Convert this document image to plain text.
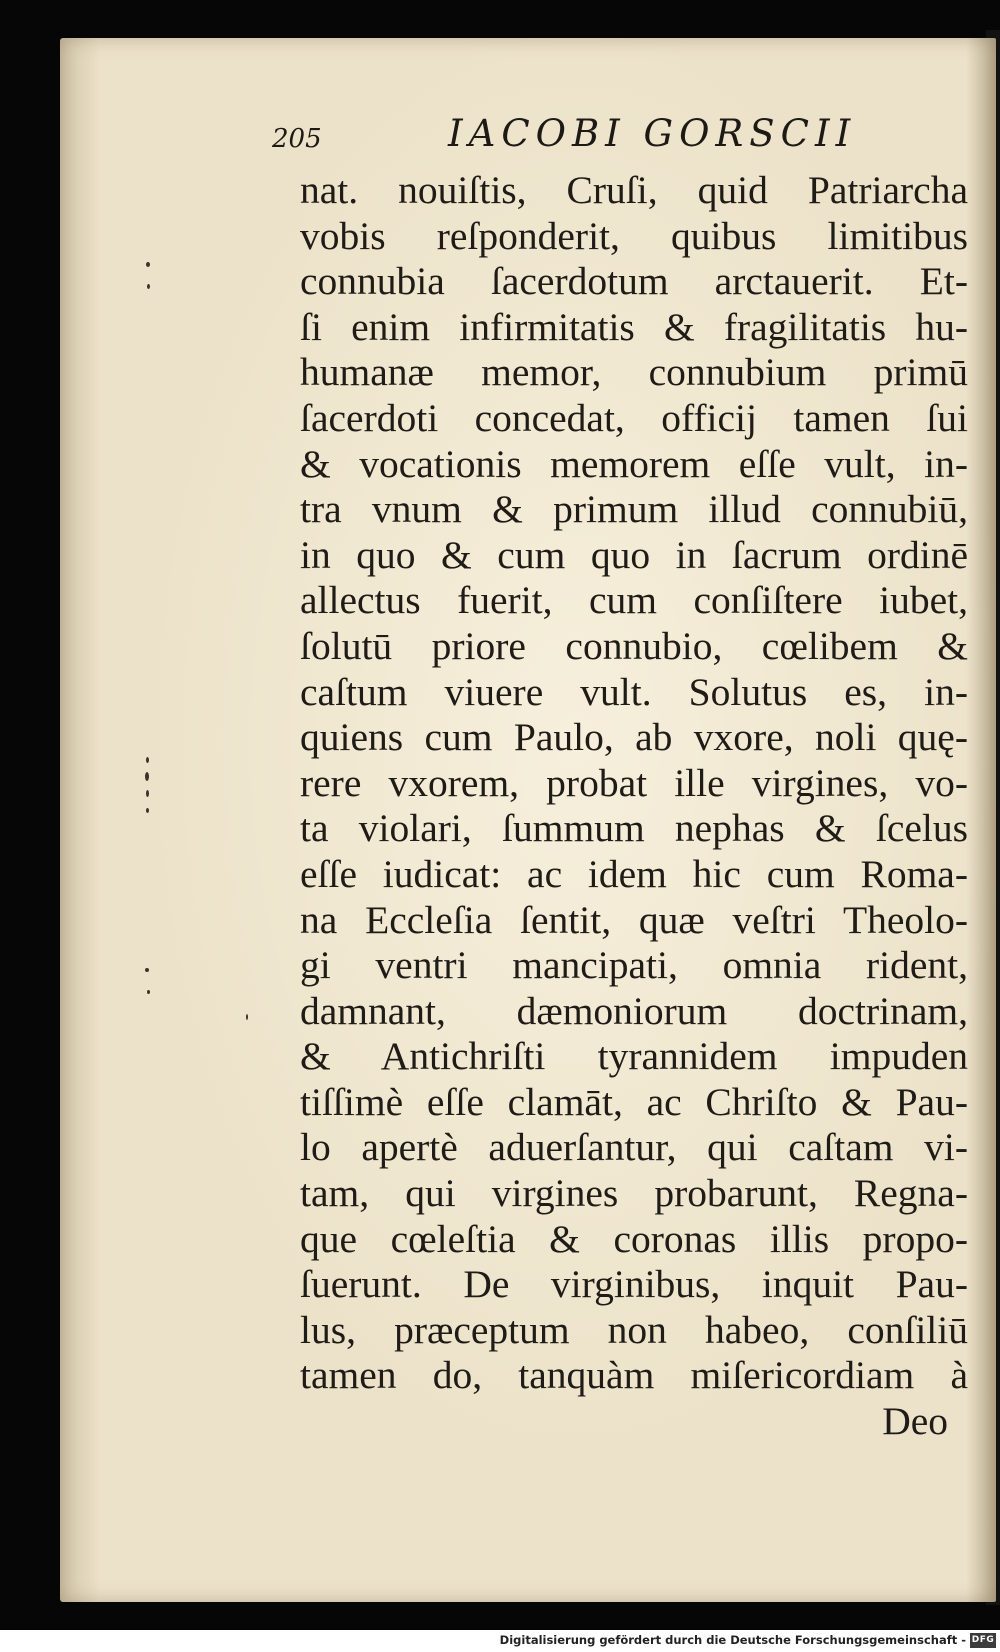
205	IACOBI GORSCII
nat. nouiſtis, Cruſi, quid Patriarcha
vobis reſponderit, quibus limitibus
connubia ſacerdotum arctauerit. Et-
ſi enim infirmitatis & fragilitatis hu-
humanæ memor, connubium primū
ſacerdoti concedat, officij tamen ſui
& vocationis memorem eſſe vult, in-
tra vnum & primum illud connubiū,
in quo & cum quo in ſacrum ordinē
allectus fuerit, cum conſiſtere iubet,
ſolutū priore connubio, cœlibem &
caſtum viuere vult. Solutus es, in-
quiens cum Paulo, ab vxore, noli quę-
rere vxorem, probat ille virgines, vo-
ta violari, ſummum nephas & ſcelus
eſſe iudicat: ac idem hic cum Roma-
na Eccleſia ſentit, quæ veſtri Theolo-
gi ventri mancipati, omnia rident,
damnant, dæmoniorum doctrinam,
& Antichriſti tyrannidem impuden
tiſſimè eſſe clamāt, ac Chriſto & Pau-
lo apertè aduerſantur, qui caſtam vi-
tam, qui virgines probarunt, Regna-
que cœleſtia & coronas illis propo-
ſuerunt. De virginibus, inquit Pau-
lus, præceptum non habeo, conſiliū
tamen do, tanquàm miſericordiam à
Deo
Digitalisierung gefördert durch die Deutsche Forschungsgemeinschaft - DFG
